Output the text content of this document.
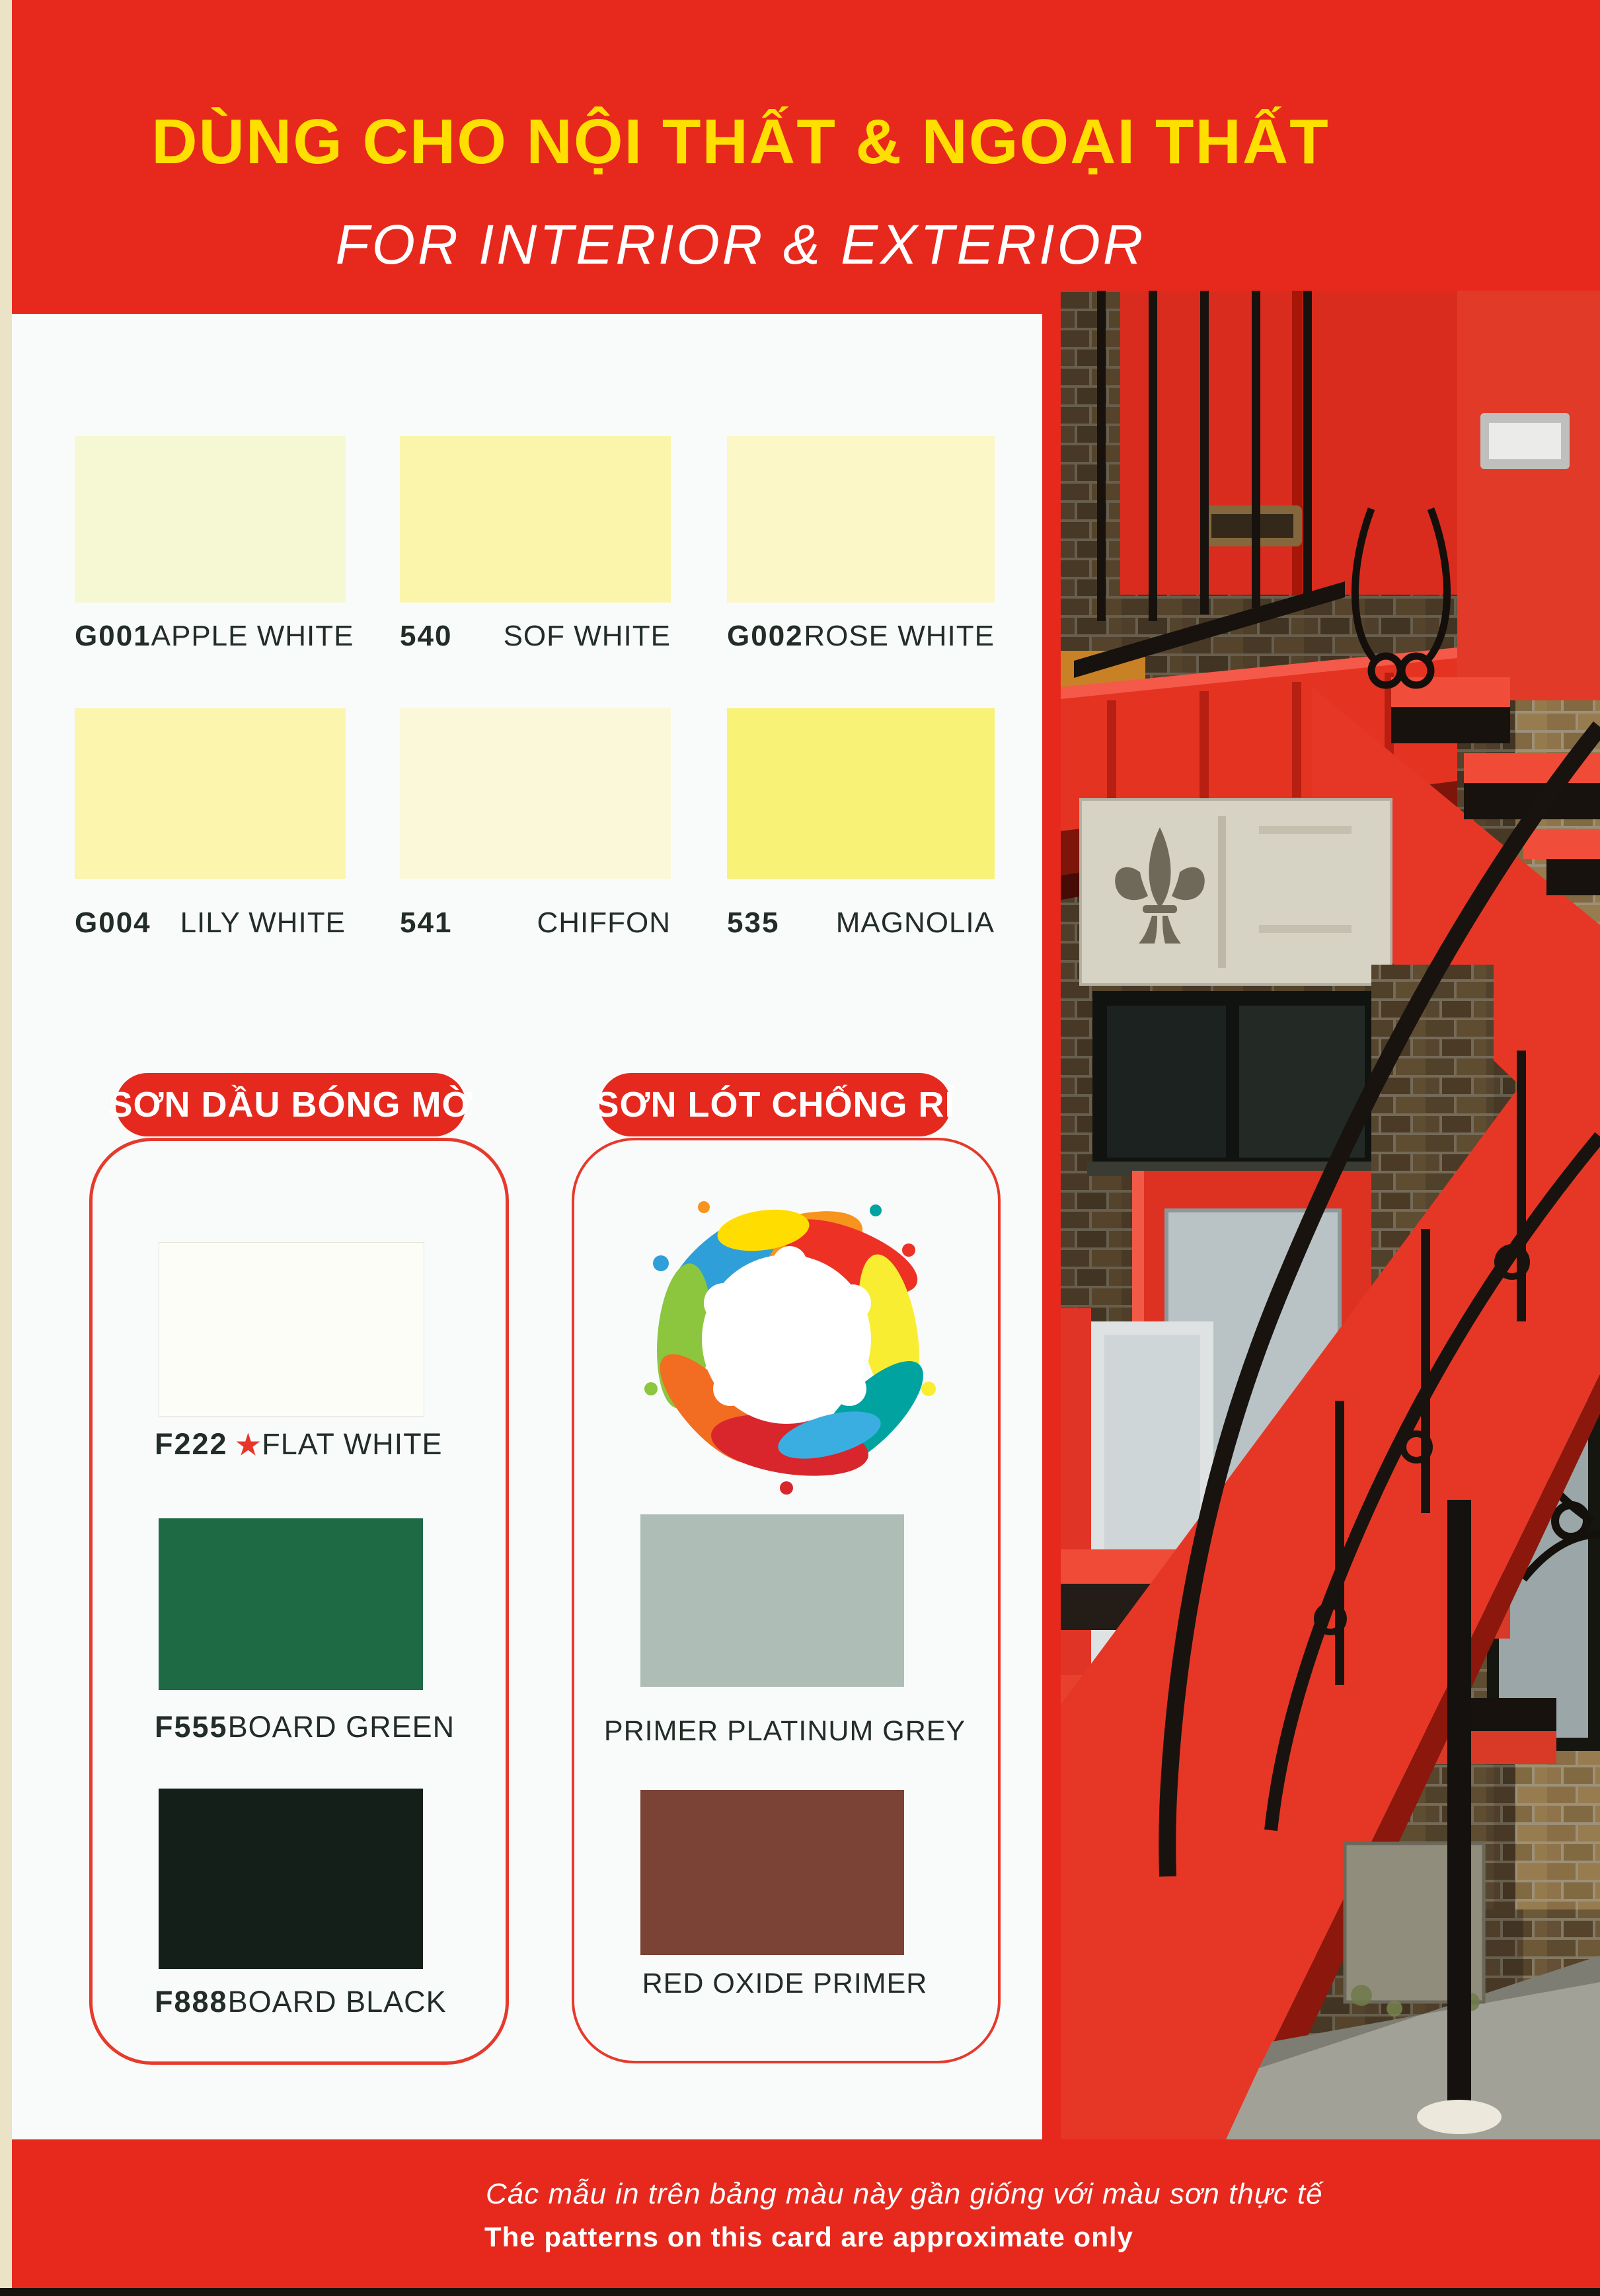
DÙNG CHO NỘI THẤT & NGOẠI THẤT
FOR INTERIOR & EXTERIOR
G001 APPLE WHITE 540 SOF WHITE G002 ROSE WHITE
G004 LILY WHITE 541	CHIFFON 535 MAGNOLIA
SƠN DẦU BÓNG MỜ
F222 ★ FLAT WHITE
F555 BOARD GREEN
F888 BOARD BLACK
SƠN LÓT CHỐNG RỈ
PRIMER PLATINUM GREY
RED OXIDE PRIMER
Các mẫu in trên bảng màu này gần giống với màu sơn thực tế
The patterns on this card are approximate only
